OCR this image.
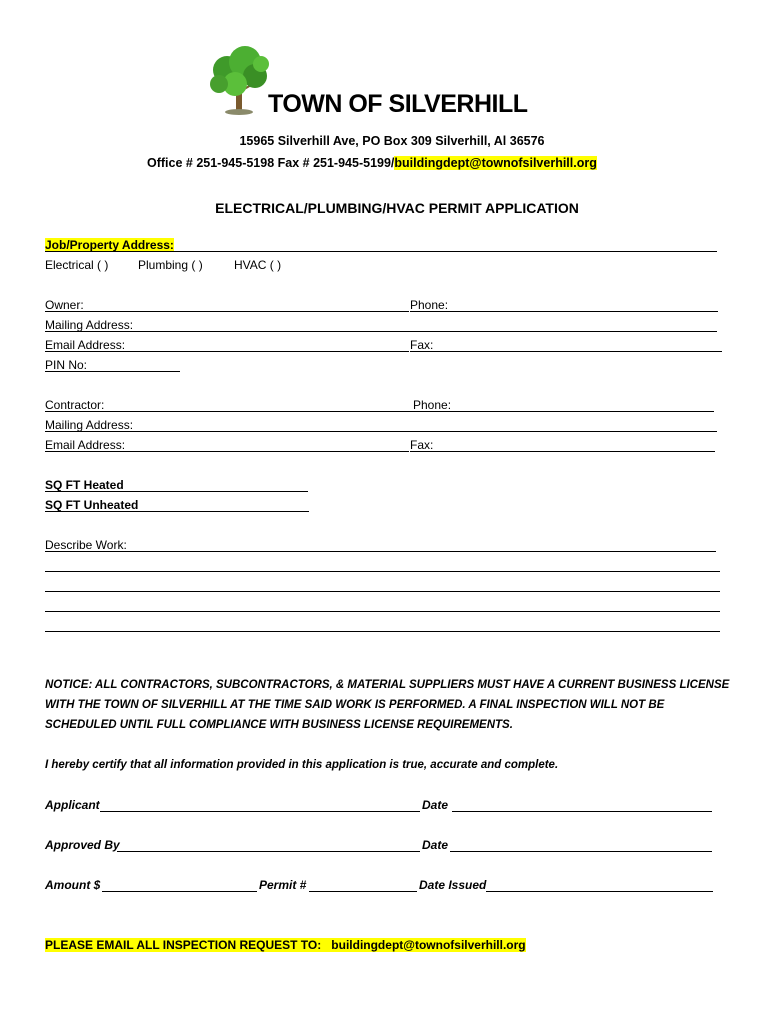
TOWN OF SILVERHILL
15965 Silverhill Ave, PO Box 309 Silverhill, Al 36576
Office # 251-945-5198 Fax # 251-945-5199/buildingdept@townofsilverhill.org
ELECTRICAL/PLUMBING/HVAC PERMIT APPLICATION
Job/Property Address:
Electrical ( ) Plumbing ( )	HVAC ( )
Owner:	Phone:
Mailing Address:
Email Address:	Fax:
PIN No:
Contractor:	Phone:
Mailing Address:
Email Address:	Fax:
SQ FT Heated
SQ FT Unheated
Describe Work:
NOTICE: ALL CONTRACTORS, SUBCONTRACTORS, & MATERIAL SUPPLIERS MUST HAVE A CURRENT BUSINESS LICENSE
WITH THE TOWN OF SILVERHILL AT THE TIME SAID WORK IS PERFORMED. A FINAL INSPECTION WILL NOT BE
SCHEDULED UNTIL FULL COMPLIANCE WITH BUSINESS LICENSE REQUIREMENTS.
I hereby certify that all information provided in this application is true, accurate and complete.
Applicant	Date
Approved By	Date
Amount $	Permit #	Date Issued
PLEASE EMAIL ALL INSPECTION REQUEST TO: buildingdept@townofsilverhill.org
